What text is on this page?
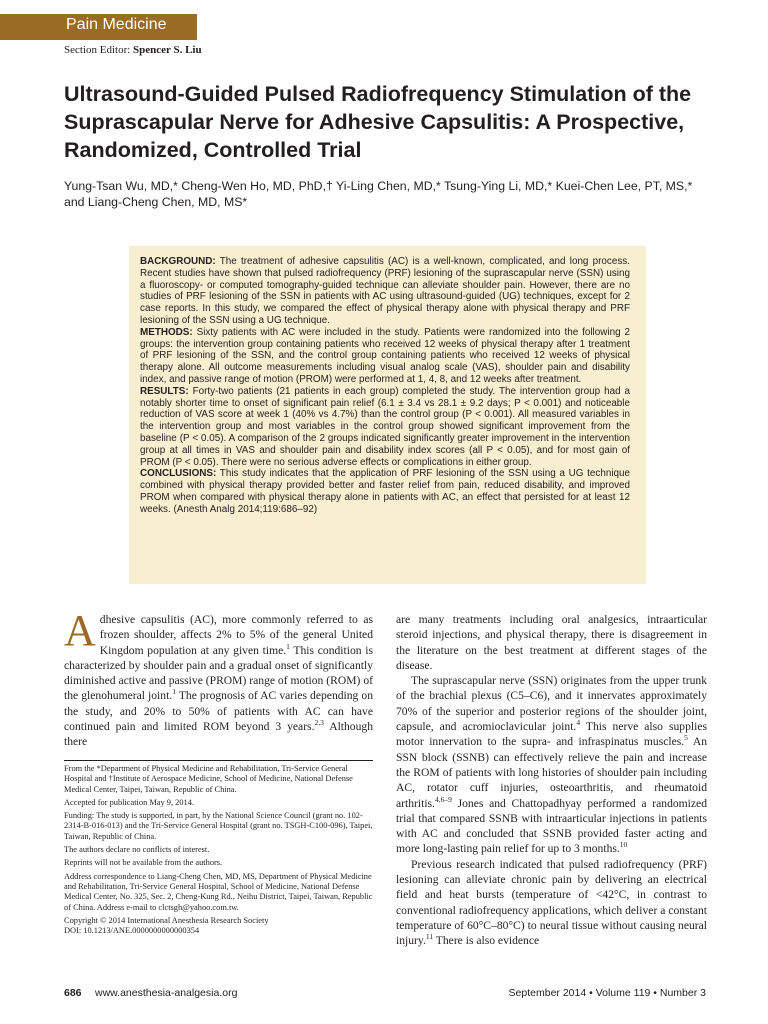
Pain Medicine
Section Editor: Spencer S. Liu
Ultrasound-Guided Pulsed Radiofrequency Stimulation of the Suprascapular Nerve for Adhesive Capsulitis: A Prospective, Randomized, Controlled Trial
Yung-Tsan Wu, MD,* Cheng-Wen Ho, MD, PhD,† Yi-Ling Chen, MD,* Tsung-Ying Li, MD,* Kuei-Chen Lee, PT, MS,* and Liang-Cheng Chen, MD, MS*
BACKGROUND: The treatment of adhesive capsulitis (AC) is a well-known, complicated, and long process. Recent studies have shown that pulsed radiofrequency (PRF) lesioning of the suprascapular nerve (SSN) using a fluoroscopy- or computed tomography-guided technique can alleviate shoulder pain. However, there are no studies of PRF lesioning of the SSN in patients with AC using ultrasound-guided (UG) techniques, except for 2 case reports. In this study, we compared the effect of physical therapy alone with physical therapy and PRF lesioning of the SSN using a UG technique.
METHODS: Sixty patients with AC were included in the study. Patients were randomized into the following 2 groups: the intervention group containing patients who received 12 weeks of physical therapy after 1 treatment of PRF lesioning of the SSN, and the control group containing patients who received 12 weeks of physical therapy alone. All outcome measurements including visual analog scale (VAS), shoulder pain and disability index, and passive range of motion (PROM) were performed at 1, 4, 8, and 12 weeks after treatment.
RESULTS: Forty-two patients (21 patients in each group) completed the study. The intervention group had a notably shorter time to onset of significant pain relief (6.1 ± 3.4 vs 28.1 ± 9.2 days; P < 0.001) and noticeable reduction of VAS score at week 1 (40% vs 4.7%) than the control group (P < 0.001). All measured variables in the intervention group and most variables in the control group showed significant improvement from the baseline (P < 0.05). A comparison of the 2 groups indicated significantly greater improvement in the intervention group at all times in VAS and shoulder pain and disability index scores (all P < 0.05), and for most gain of PROM (P < 0.05). There were no serious adverse effects or complications in either group.
CONCLUSIONS: This study indicates that the application of PRF lesioning of the SSN using a UG technique combined with physical therapy provided better and faster relief from pain, reduced disability, and improved PROM when compared with physical therapy alone in patients with AC, an effect that persisted for at least 12 weeks. (Anesth Analg 2014;119:686–92)
Adhesive capsulitis (AC), more commonly referred to as frozen shoulder, affects 2% to 5% of the general United Kingdom population at any given time.$^1$ This condition is characterized by shoulder pain and a gradual onset of significantly diminished active and passive (PROM) range of motion (ROM) of the glenohumeral joint.$^1$ The prognosis of AC varies depending on the study, and 20% to 50% of patients with AC can have continued pain and limited ROM beyond 3 years.$^{2,3}$ Although there

From the *Department of Physical Medicine and Rehabilitation, Tri-Service General Hospital and †Institute of Aerospace Medicine, School of Medicine, National Defense Medical Center, Taipei, Taiwan, Republic of China.

Accepted for publication May 9, 2014.

Funding: The study is supported, in part, by the National Science Council (grant no. 102-2314-B-016-013) and the Tri-Service General Hospital (grant no. TSGH-C100-096), Taipei, Taiwan, Republic of China.

The authors declare no conflicts of interest.

Reprints will not be available from the authors.

Address correspondence to Liang-Cheng Chen, MD, MS, Department of Physical Medicine and Rehabilitation, Tri-Service General Hospital, School of Medicine, National Defense Medical Center, No. 325, Sec. 2, Cheng-Kung Rd., Neihu District, Taipei, Taiwan, Republic of China. Address e-mail to clctsgh@yahoo.com.tw.

Copyright © 2014 International Anesthesia Research Society

DOI: 10.1213/ANE.0000000000000354

are many treatments including oral analgesics, intraarticular steroid injections, and physical therapy, there is disagreement in the literature on the best treatment at different stages of the disease.
The suprascapular nerve (SSN) originates from the upper trunk of the brachial plexus (C5–C6), and it innervates approximately 70% of the superior and posterior regions of the shoulder joint, capsule, and acromioclavicular joint.$^4$ This nerve also supplies motor innervation to the supra- and infraspinatus muscles.$^5$ An SSN block (SSNB) can effectively relieve the pain and increase the ROM of patients with long histories of shoulder pain including AC, rotator cuff injuries, osteoarthritis, and rheumatoid arthritis.$^{4,6-9}$ Jones and Chattopadhyay performed a randomized trial that compared SSNB with intraarticular injections in patients with AC and concluded that SSNB provided faster acting and more long-lasting pain relief for up to 3 months.$^{10}$
Previous research indicated that pulsed radiofrequency (PRF) lesioning can alleviate chronic pain by delivering an electrical field and heat bursts (temperature of <42°C, in contrast to conventional radiofrequency applications, which deliver a constant temperature of 60°C–80°C) to neural tissue without causing neural injury.$^{11}$ There is also evidence
686 www.anesthesia-analgesia.org	September 2014 • Volume 119 • Number 3
